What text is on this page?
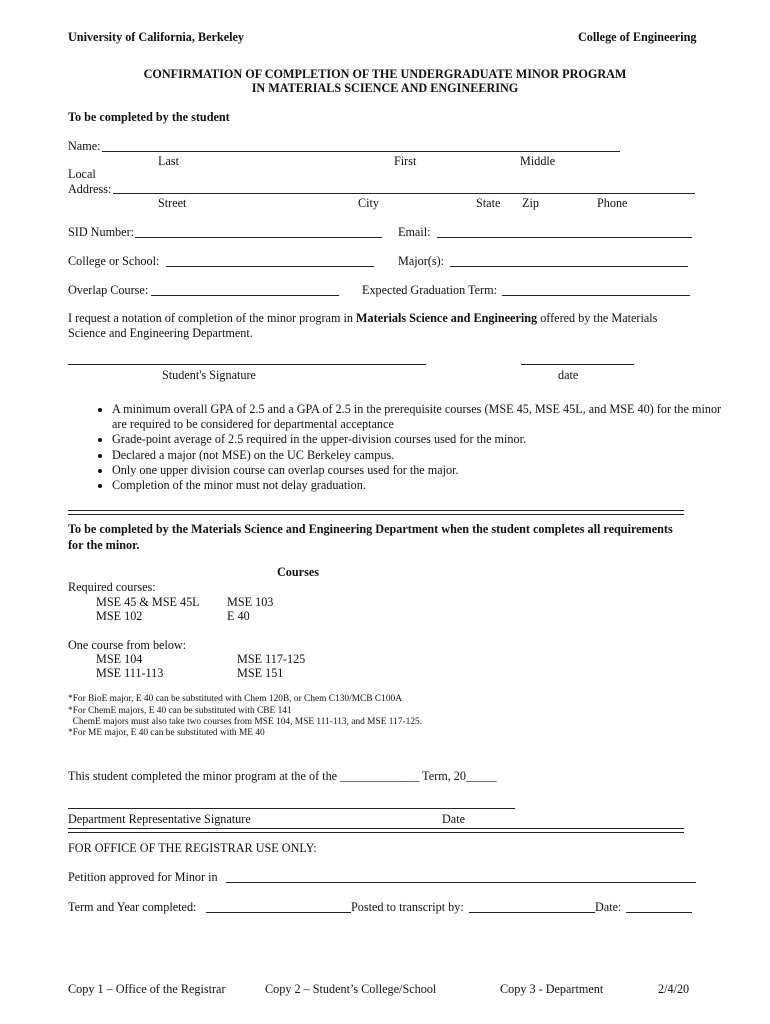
University of California, Berkeley	College of Engineering
CONFIRMATION OF COMPLETION OF THE UNDERGRADUATE MINOR PROGRAM
IN MATERIALS SCIENCE AND ENGINEERING
To be completed by the student
Name:
Last	First	Middle
Local
Address:
Street	City	State Zip	Phone
SID Number:	Email:
College or School:	Major(s):
Overlap Course:	Expected Graduation Term:
I request a notation of completion of the minor program in Materials Science and Engineering offered by the Materials
Science and Engineering Department.
Student's Signature	date
• A minimum overall GPA of 2.5 and a GPA of 2.5 in the prerequisite courses (MSE 45, MSE 45L, and MSE 40) for the minor are required to be considered for departmental acceptance
• Grade-point average of 2.5 required in the upper-division courses used for the minor.
• Declared a major (not MSE) on the UC Berkeley campus.
• Only one upper division course can overlap courses used for the major.
• Completion of the minor must not delay graduation.
To be completed by the Materials Science and Engineering Department when the student completes all requirements
for the minor.
Courses
Required courses:
MSE 45 & MSE 45L MSE 103
MSE 102	E 40
One course from below:
MSE 104	MSE 117-125
MSE 111-113	MSE 151
*For BioE major, E 40 can be substituted with Chem 120B, or Chem C130/MCB C100A
*For ChemE majors, E 40 can be substituted with CBE 141
ChemE majors must also take two courses from MSE 104, MSE 111-113, and MSE 117-125.
*For ME major, E 40 can be substituted with ME 40
This student completed the minor program at the of the _____________ Term, 20_____
Department Representative Signature	Date
FOR OFFICE OF THE REGISTRAR USE ONLY:
Petition approved for Minor in
Term and Year completed:	Posted to transcript by:	Date:
Copy 1 – Office of the Registrar	Copy 2 – Student’s College/School	Copy 3 - Department	2/4/20
